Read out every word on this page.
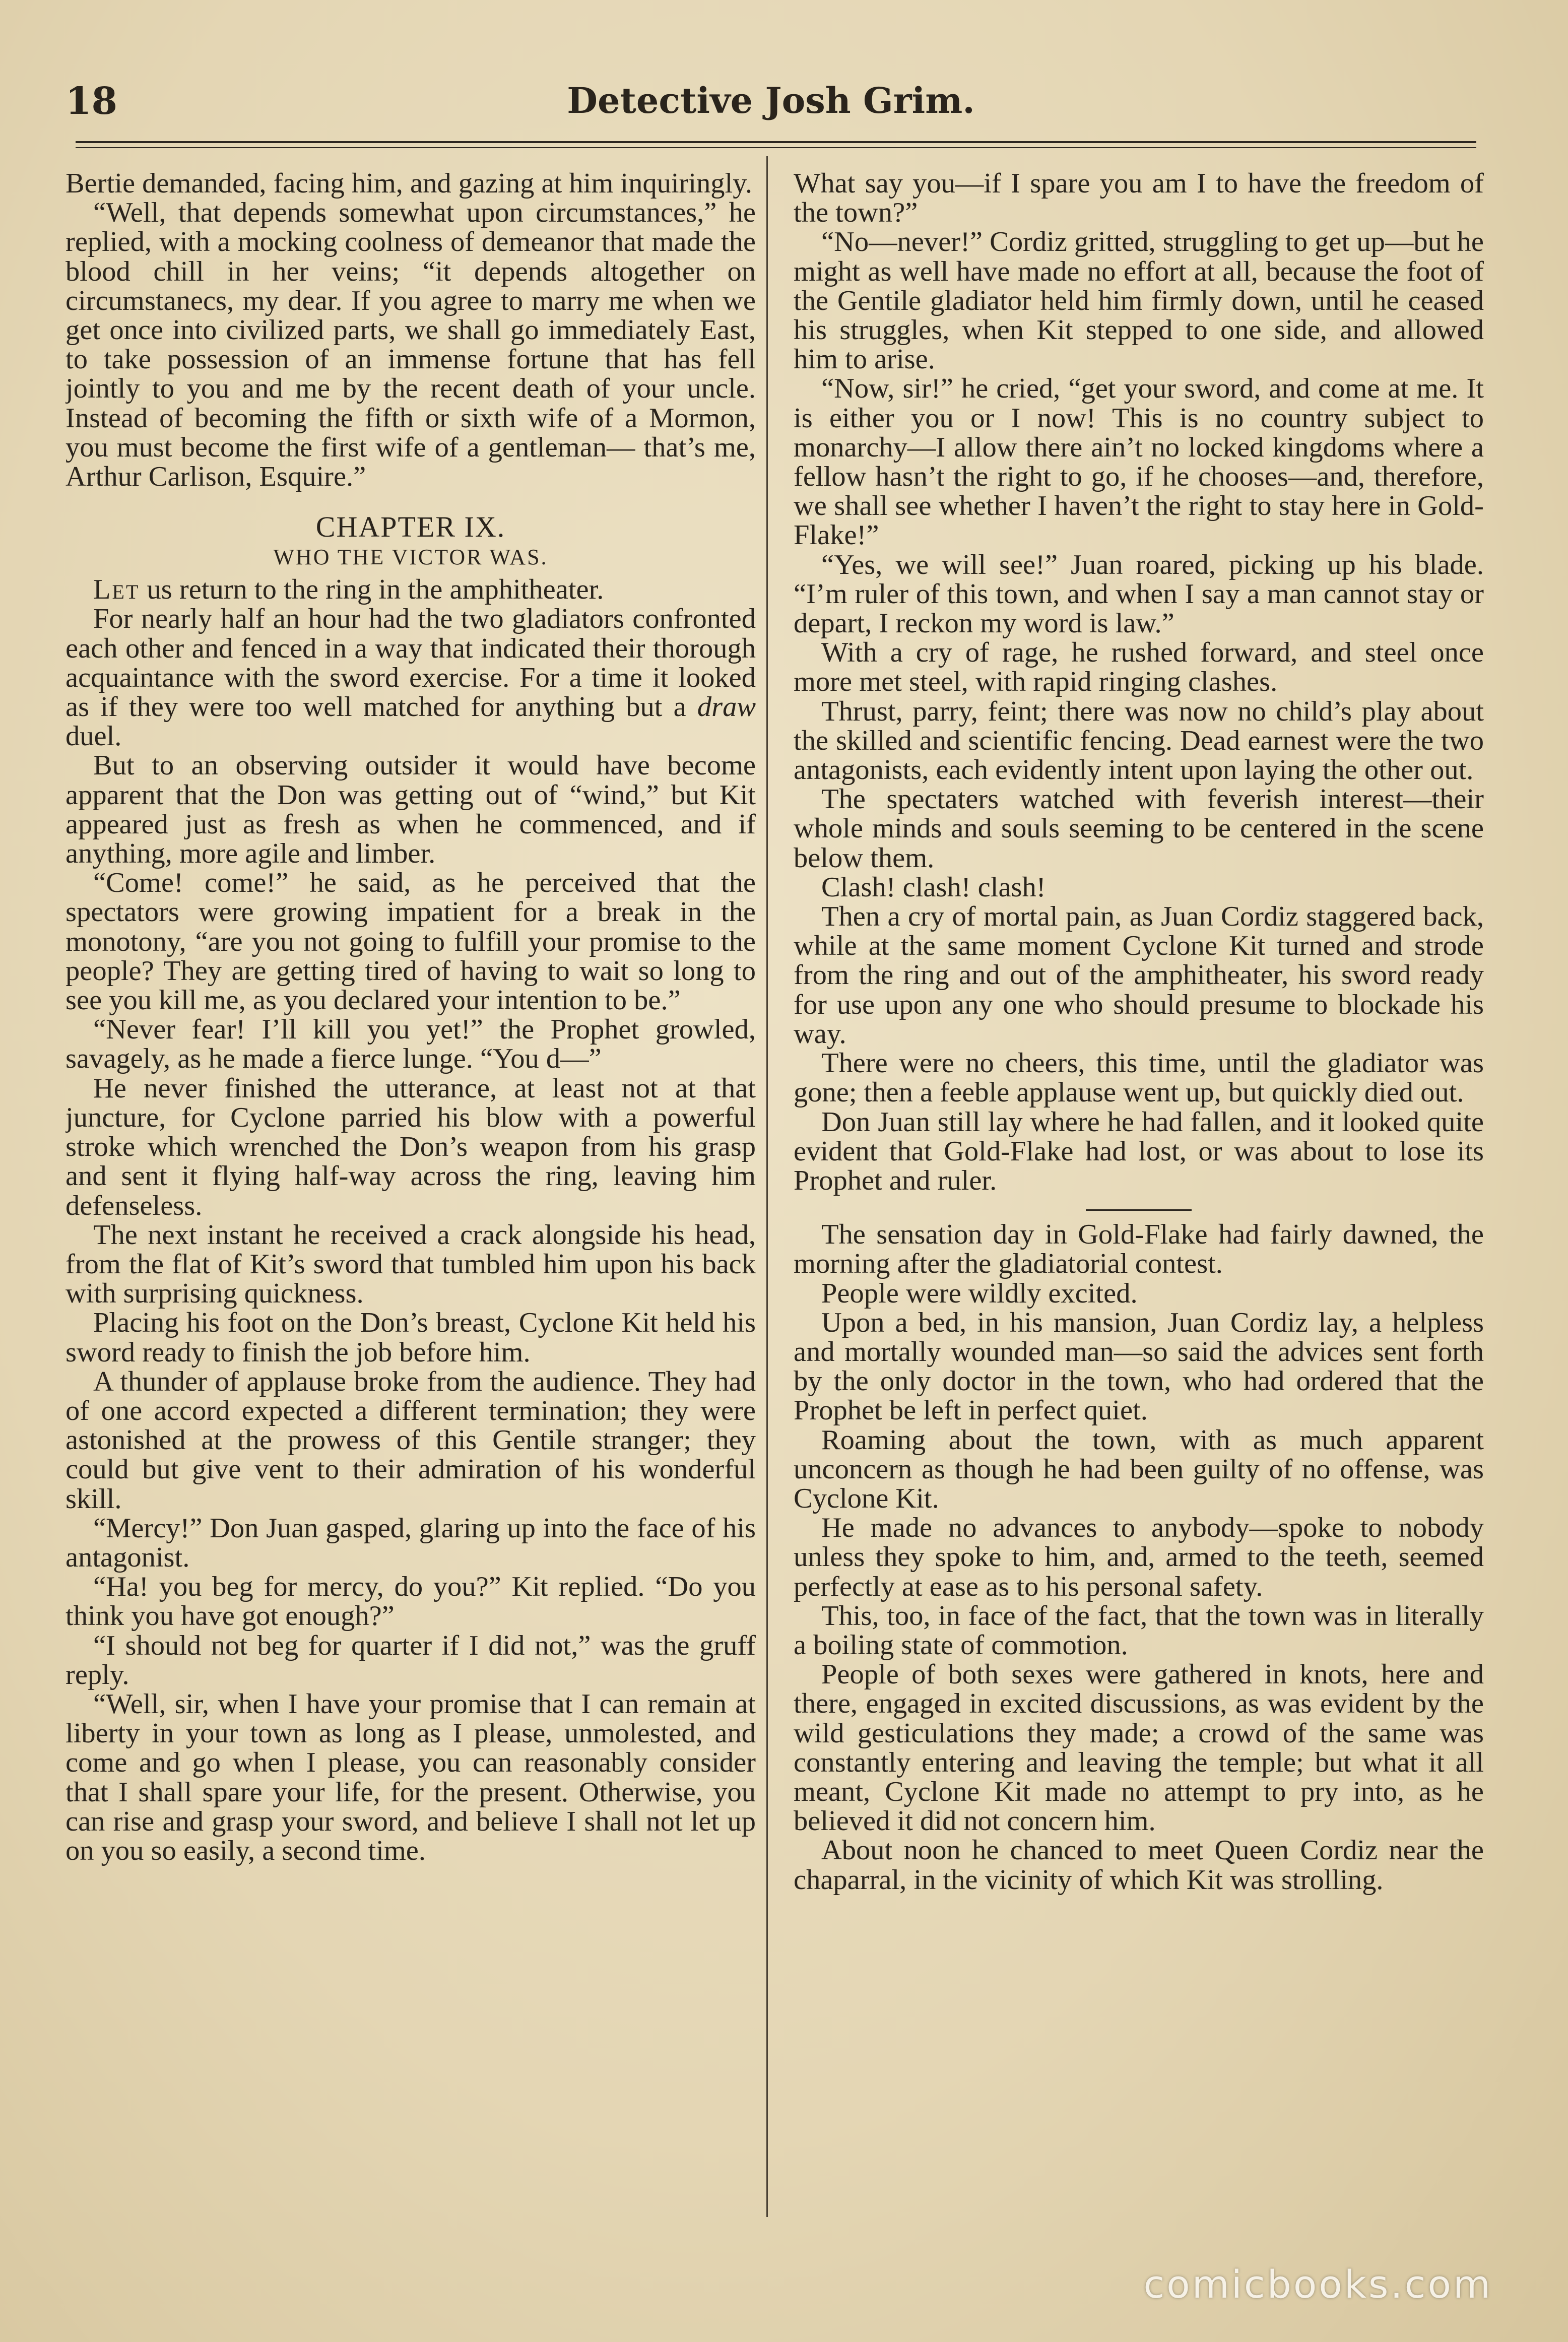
18	Detective Josh Grim.

Bertie demanded, facing him, and gazing at him inquiringly.

“Well, that depends somewhat upon circumstances,” he replied, with a mocking coolness of demeanor that made the blood chill in her veins; “it depends altogether on circumstanecs, my dear. If you agree to marry me when we get once into civilized parts, we shall go immediately East, to take possession of an immense fortune that has fell jointly to you and me by the recent death of your uncle. Instead of becoming the fifth or sixth wife of a Mormon, you must become the first wife of a gentleman— that’s me, Arthur Carlison, Esquire.”

CHAPTER IX.
WHO THE VICTOR WAS.

Let us return to the ring in the amphitheater.

For nearly half an hour had the two gladiators confronted each other and fenced in a way that indicated their thorough acquaintance with the sword exercise. For a time it looked as if they were too well matched for anything but a draw duel.

But to an observing outsider it would have become apparent that the Don was getting out of “wind,” but Kit appeared just as fresh as when he commenced, and if anything, more agile and limber.

“Come! come!” he said, as he perceived that the spectators were growing impatient for a break in the monotony, “are you not going to fulfill your promise to the people? They are getting tired of having to wait so long to see you kill me, as you declared your intention to be.”

“Never fear! I’ll kill you yet!” the Prophet growled, savagely, as he made a fierce lunge. “You d—”

He never finished the utterance, at least not at that juncture, for Cyclone parried his blow with a powerful stroke which wrenched the Don’s weapon from his grasp and sent it flying half-way across the ring, leaving him defenseless.

The next instant he received a crack alongside his head, from the flat of Kit’s sword that tumbled him upon his back with surprising quickness.

Placing his foot on the Don’s breast, Cyclone Kit held his sword ready to finish the job before him.

A thunder of applause broke from the audience. They had of one accord expected a different termination; they were astonished at the prowess of this Gentile stranger; they could but give vent to their admiration of his wonderful skill.

“Mercy!” Don Juan gasped, glaring up into the face of his antagonist.

“Ha! you beg for mercy, do you?” Kit replied. “Do you think you have got enough?”

“I should not beg for quarter if I did not,” was the gruff reply.

“Well, sir, when I have your promise that I can remain at liberty in your town as long as I please, unmolested, and come and go when I please, you can reasonably consider that I shall spare your life, for the present. Otherwise, you can rise and grasp your sword, and believe I shall not let up on you so easily, a second time.

What say you—if I spare you am I to have the freedom of the town?”

“No—never!” Cordiz gritted, struggling to get up—but he might as well have made no effort at all, because the foot of the Gentile gladiator held him firmly down, until he ceased his struggles, when Kit stepped to one side, and allowed him to arise.

“Now, sir!” he cried, “get your sword, and come at me. It is either you or I now! This is no country subject to monarchy—I allow there ain’t no locked kingdoms where a fellow hasn’t the right to go, if he chooses—and, therefore, we shall see whether I haven’t the right to stay here in Gold-Flake!”

“Yes, we will see!” Juan roared, picking up his blade. “I’m ruler of this town, and when I say a man cannot stay or depart, I reckon my word is law.”

With a cry of rage, he rushed forward, and steel once more met steel, with rapid ringing clashes.

Thrust, parry, feint; there was now no child’s play about the skilled and scientific fencing. Dead earnest were the two antagonists, each evidently intent upon laying the other out.

The spectaters watched with feverish interest—their whole minds and souls seeming to be centered in the scene below them.

Clash! clash! clash!

Then a cry of mortal pain, as Juan Cordiz staggered back, while at the same moment Cyclone Kit turned and strode from the ring and out of the amphitheater, his sword ready for use upon any one who should presume to blockade his way.

There were no cheers, this time, until the gladiator was gone; then a feeble applause went up, but quickly died out.

Don Juan still lay where he had fallen, and it looked quite evident that Gold-Flake had lost, or was about to lose its Prophet and ruler.

The sensation day in Gold-Flake had fairly dawned, the morning after the gladiatorial contest.

People were wildly excited.

Upon a bed, in his mansion, Juan Cordiz lay, a helpless and mortally wounded man—so said the advices sent forth by the only doctor in the town, who had ordered that the Prophet be left in perfect quiet.

Roaming about the town, with as much apparent unconcern as though he had been guilty of no offense, was Cyclone Kit.

He made no advances to anybody—spoke to nobody unless they spoke to him, and, armed to the teeth, seemed perfectly at ease as to his personal safety.

This, too, in face of the fact, that the town was in literally a boiling state of commotion.

People of both sexes were gathered in knots, here and there, engaged in excited discussions, as was evident by the wild gesticulations they made; a crowd of the same was constantly entering and leaving the temple; but what it all meant, Cyclone Kit made no attempt to pry into, as he believed it did not concern him.

About noon he chanced to meet Queen Cordiz near the chaparral, in the vicinity of which Kit was strolling.

comicbooks.com
